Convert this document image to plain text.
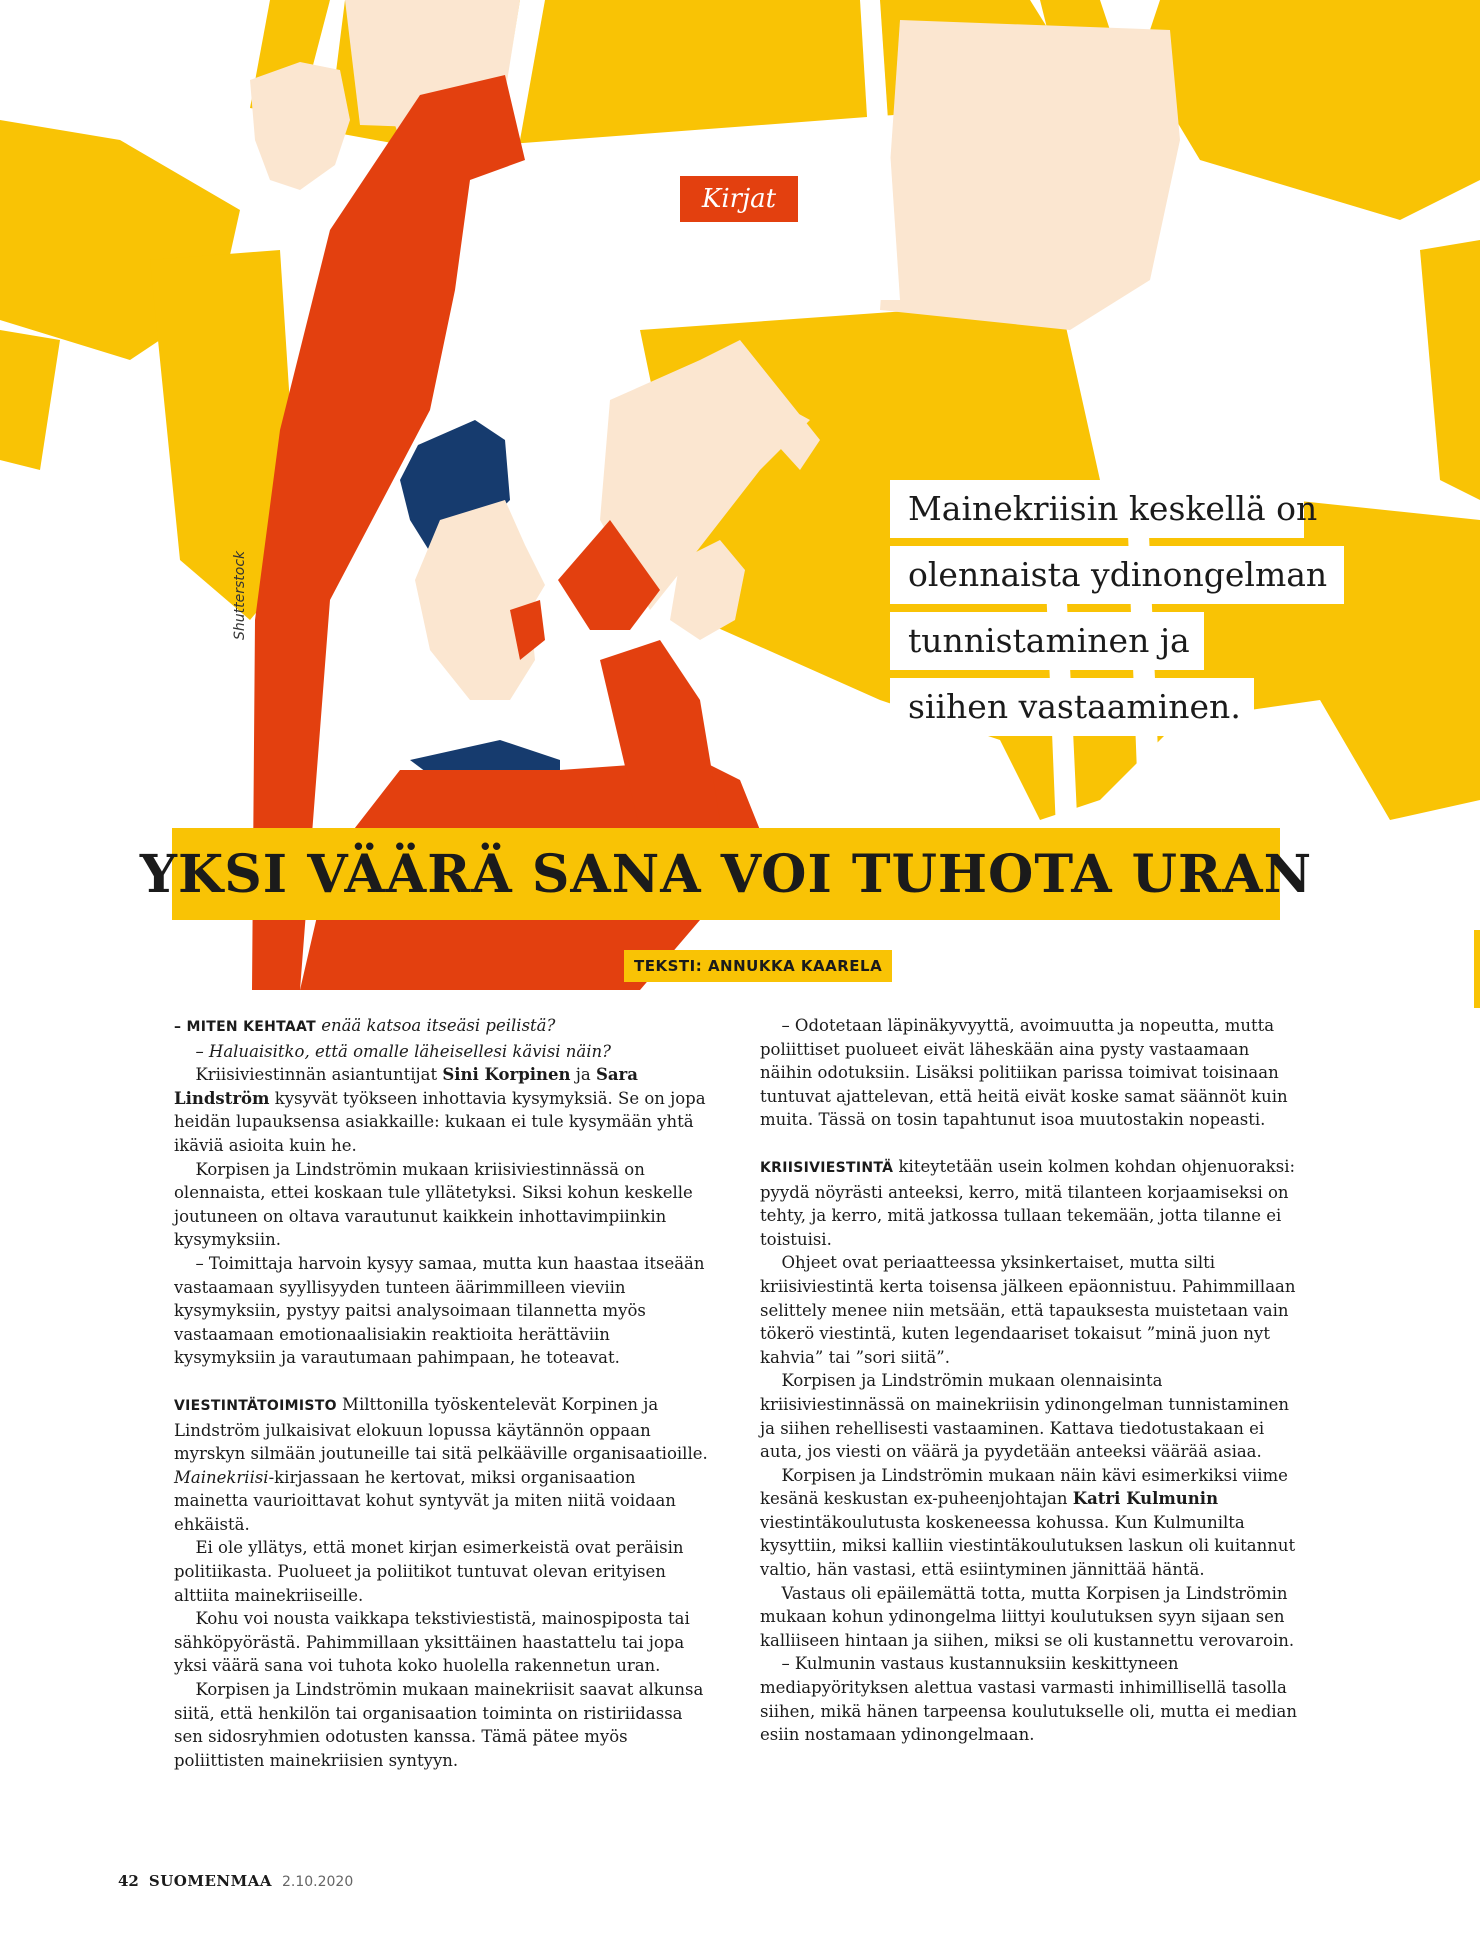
Kirjat
Shutterstock
Mainekriisin keskellä on
olennaista ydinongelman
tunnistaminen ja
siihen vastaaminen.
YKSI VÄÄRÄ SANA VOI TUHOTA URAN
TEKSTI: ANNUKKA KAARELA

– MITEN KEHTAAT enää katsoa itseäsi peilistä?

– Haluaisitko, että omalle läheisellesi kävisi näin?

Kriisiviestinnän asiantuntijat Sini Korpinen ja Sara Lindström kysyvät työkseen inhottavia kysymyksiä. Se on jopa heidän lupauksensa asiakkaille: kukaan ei tule kysymään yhtä ikäviä asioita kuin he.

Korpisen ja Lindströmin mukaan kriisiviestinnässä on olennaista, ettei koskaan tule yllätetyksi. Siksi kohun keskelle joutuneen on oltava varautunut kaikkein inhottavimpiinkin kysymyksiin.

– Toimittaja harvoin kysyy samaa, mutta kun haastaa itseään vastaamaan syyllisyyden tunteen äärimmilleen vieviin kysymyksiin, pystyy paitsi analysoimaan tilannetta myös vastaamaan emotionaalisiakin reaktioita herättäviin kysymyksiin ja varautumaan pahimpaan, he toteavat.

VIESTINTÄTOIMISTO Milttonilla työskentelevät Korpinen ja Lindström julkaisivat elokuun lopussa käytännön oppaan myrskyn silmään joutuneille tai sitä pelkääville organisaatioille. Mainekriisi-kirjassaan he kertovat, miksi organisaation mainetta vaurioittavat kohut syntyvät ja miten niitä voidaan ehkäistä.

Ei ole yllätys, että monet kirjan esimerkeistä ovat peräisin politiikasta. Puolueet ja poliitikot tuntuvat olevan erityisen alttiita mainekriiseille.

Kohu voi nousta vaikkapa tekstiviestistä, mainospipostа tai sähköpyörästä. Pahimmillaan yksittäinen haastattelu tai jopa yksi väärä sana voi tuhota koko huolella rakennetun uran.

Korpisen ja Lindströmin mukaan mainekriisit saavat alkunsa siitä, että henkilön tai organisaation toiminta on ristiriidassa sen sidosryhmien odotusten kanssa. Tämä pätee myös poliittisten mainekriisien syntyyn.

– Odotetaan läpinäkyvyyttä, avoimuutta ja nopeutta, mutta poliittiset puolueet eivät läheskään aina pysty vastaamaan näihin odotuksiin. Lisäksi politiikan parissa toimivat toisinaan tuntuvat ajattelevan, että heitä eivät koske samat säännöt kuin muita. Tässä on tosin tapahtunut isoa muutostakin nopeasti.

KRIISIVIESTINTÄ kiteytetään usein kolmen kohdan ohjenuoraksi: pyydä nöyrästi anteeksi, kerro, mitä tilanteen korjaamiseksi on tehty, ja kerro, mitä jatkossa tullaan tekemään, jotta tilanne ei toistuisi.

Ohjeet ovat periaatteessa yksinkertaiset, mutta silti kriisiviestintä kerta toisensa jälkeen epäonnistuu. Pahimmillaan selittely menee niin metsään, että tapauksesta muistetaan vain tökerö viestintä, kuten legendaariset tokaisut ”minä juon nyt kahvia” tai ”sori siitä”.

Korpisen ja Lindströmin mukaan olennaisinta kriisiviestinnässä on mainekriisin ydinongelman tunnistaminen ja siihen rehellisesti vastaaminen. Kattava tiedotustakaan ei auta, jos viesti on väärä ja pyydetään anteeksi väärää asiaa.

Korpisen ja Lindströmin mukaan näin kävi esimerkiksi viime kesänä keskustan ex-puheenjohtajan Katri Kulmunin viestintäkoulutusta koskeneessa kohussa. Kun Kulmunilta kysyttiin, miksi kalliin viestintäkoulutuksen laskun oli kuitannut valtio, hän vastasi, että esiintyminen jännittää häntä.

Vastaus oli epäilemättä totta, mutta Korpisen ja Lindströmin mukaan kohun ydinongelma liittyi koulutuksen syyn sijaan sen kalliiseen hintaan ja siihen, miksi se oli kustannettu verovaroin.

– Kulmunin vastaus kustannuksiin keskittyneen mediapyörityksen alettua vastasi varmasti inhimillisellä tasolla siihen, mikä hänen tarpeensa koulutukselle oli, mutta ei median esiin nostamaan ydinongelmaan.

42 SUOMENMAA 2.10.2020
